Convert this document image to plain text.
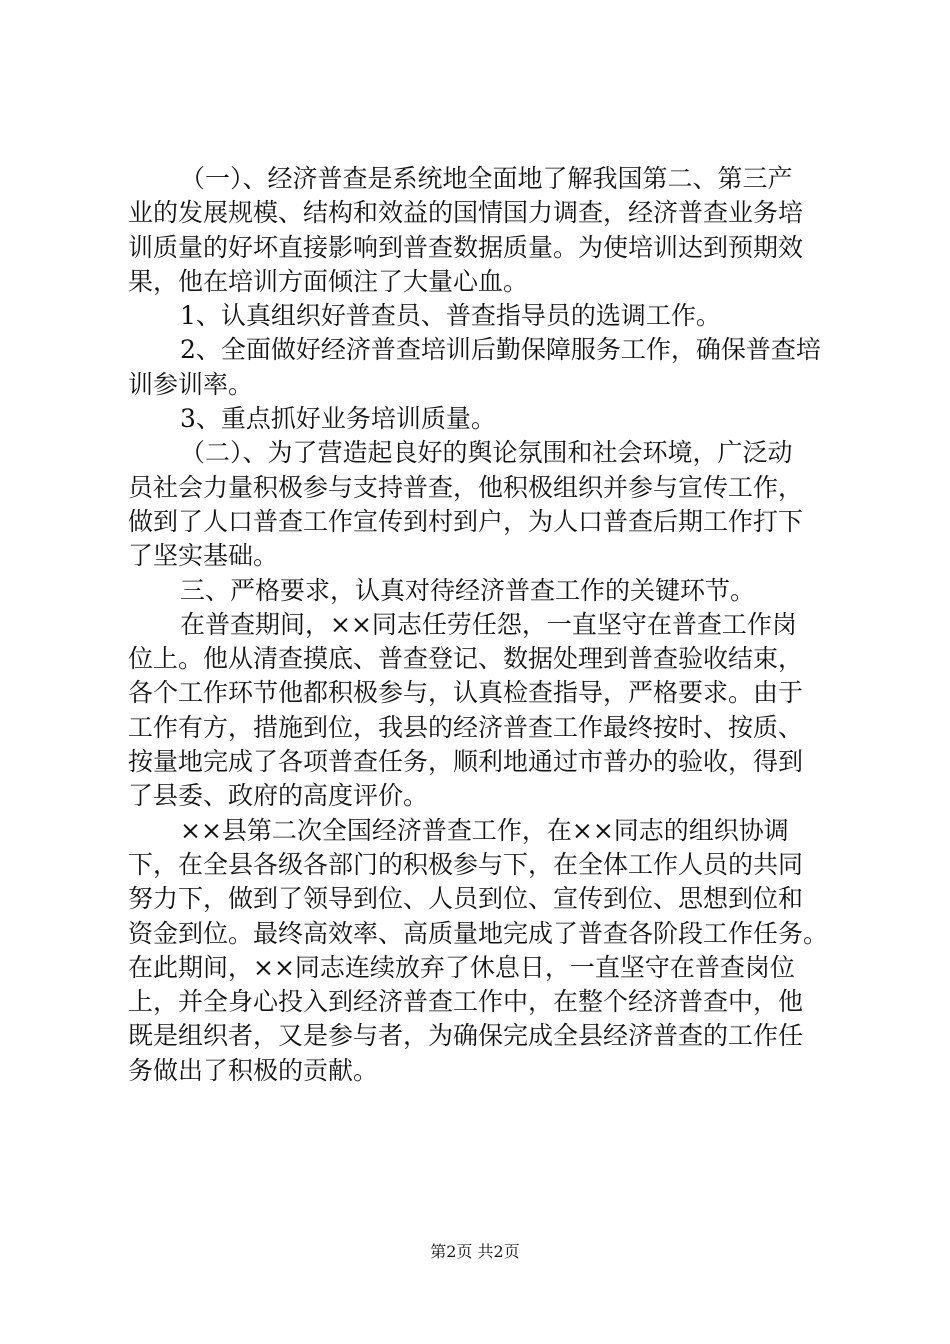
（一）、经济普查是系统地全面地了解我国第二、第三产
业的发展规模、结构和效益的国情国力调查，经济普查业务培
训质量的好坏直接影响到普查数据质量。为使培训达到预期效
果，他在培训方面倾注了大量心血。
1、认真组织好普查员、普查指导员的选调工作。
2、全面做好经济普查培训后勤保障服务工作，确保普查培
训参训率。
3、重点抓好业务培训质量。
（二）、为了营造起良好的舆论氛围和社会环境，广泛动
员社会力量积极参与支持普查，他积极组织并参与宣传工作，
做到了人口普查工作宣传到村到户，为人口普查后期工作打下
了坚实基础。
三、严格要求，认真对待经济普查工作的关键环节。
在普查期间，××同志任劳任怨，一直坚守在普查工作岗
位上。他从清查摸底、普查登记、数据处理到普查验收结束，
各个工作环节他都积极参与，认真检查指导，严格要求。由于
工作有方，措施到位，我县的经济普查工作最终按时、按质、
按量地完成了各项普查任务，顺利地通过市普办的验收，得到
了县委、政府的高度评价。
××县第二次全国经济普查工作，在××同志的组织协调
下，在全县各级各部门的积极参与下，在全体工作人员的共同
努力下，做到了领导到位、人员到位、宣传到位、思想到位和
资金到位。最终高效率、高质量地完成了普查各阶段工作任务。
在此期间，××同志连续放弃了休息日，一直坚守在普查岗位
上，并全身心投入到经济普查工作中，在整个经济普查中，他
既是组织者，又是参与者，为确保完成全县经济普查的工作任
务做出了积极的贡献。
第2页 共2页
